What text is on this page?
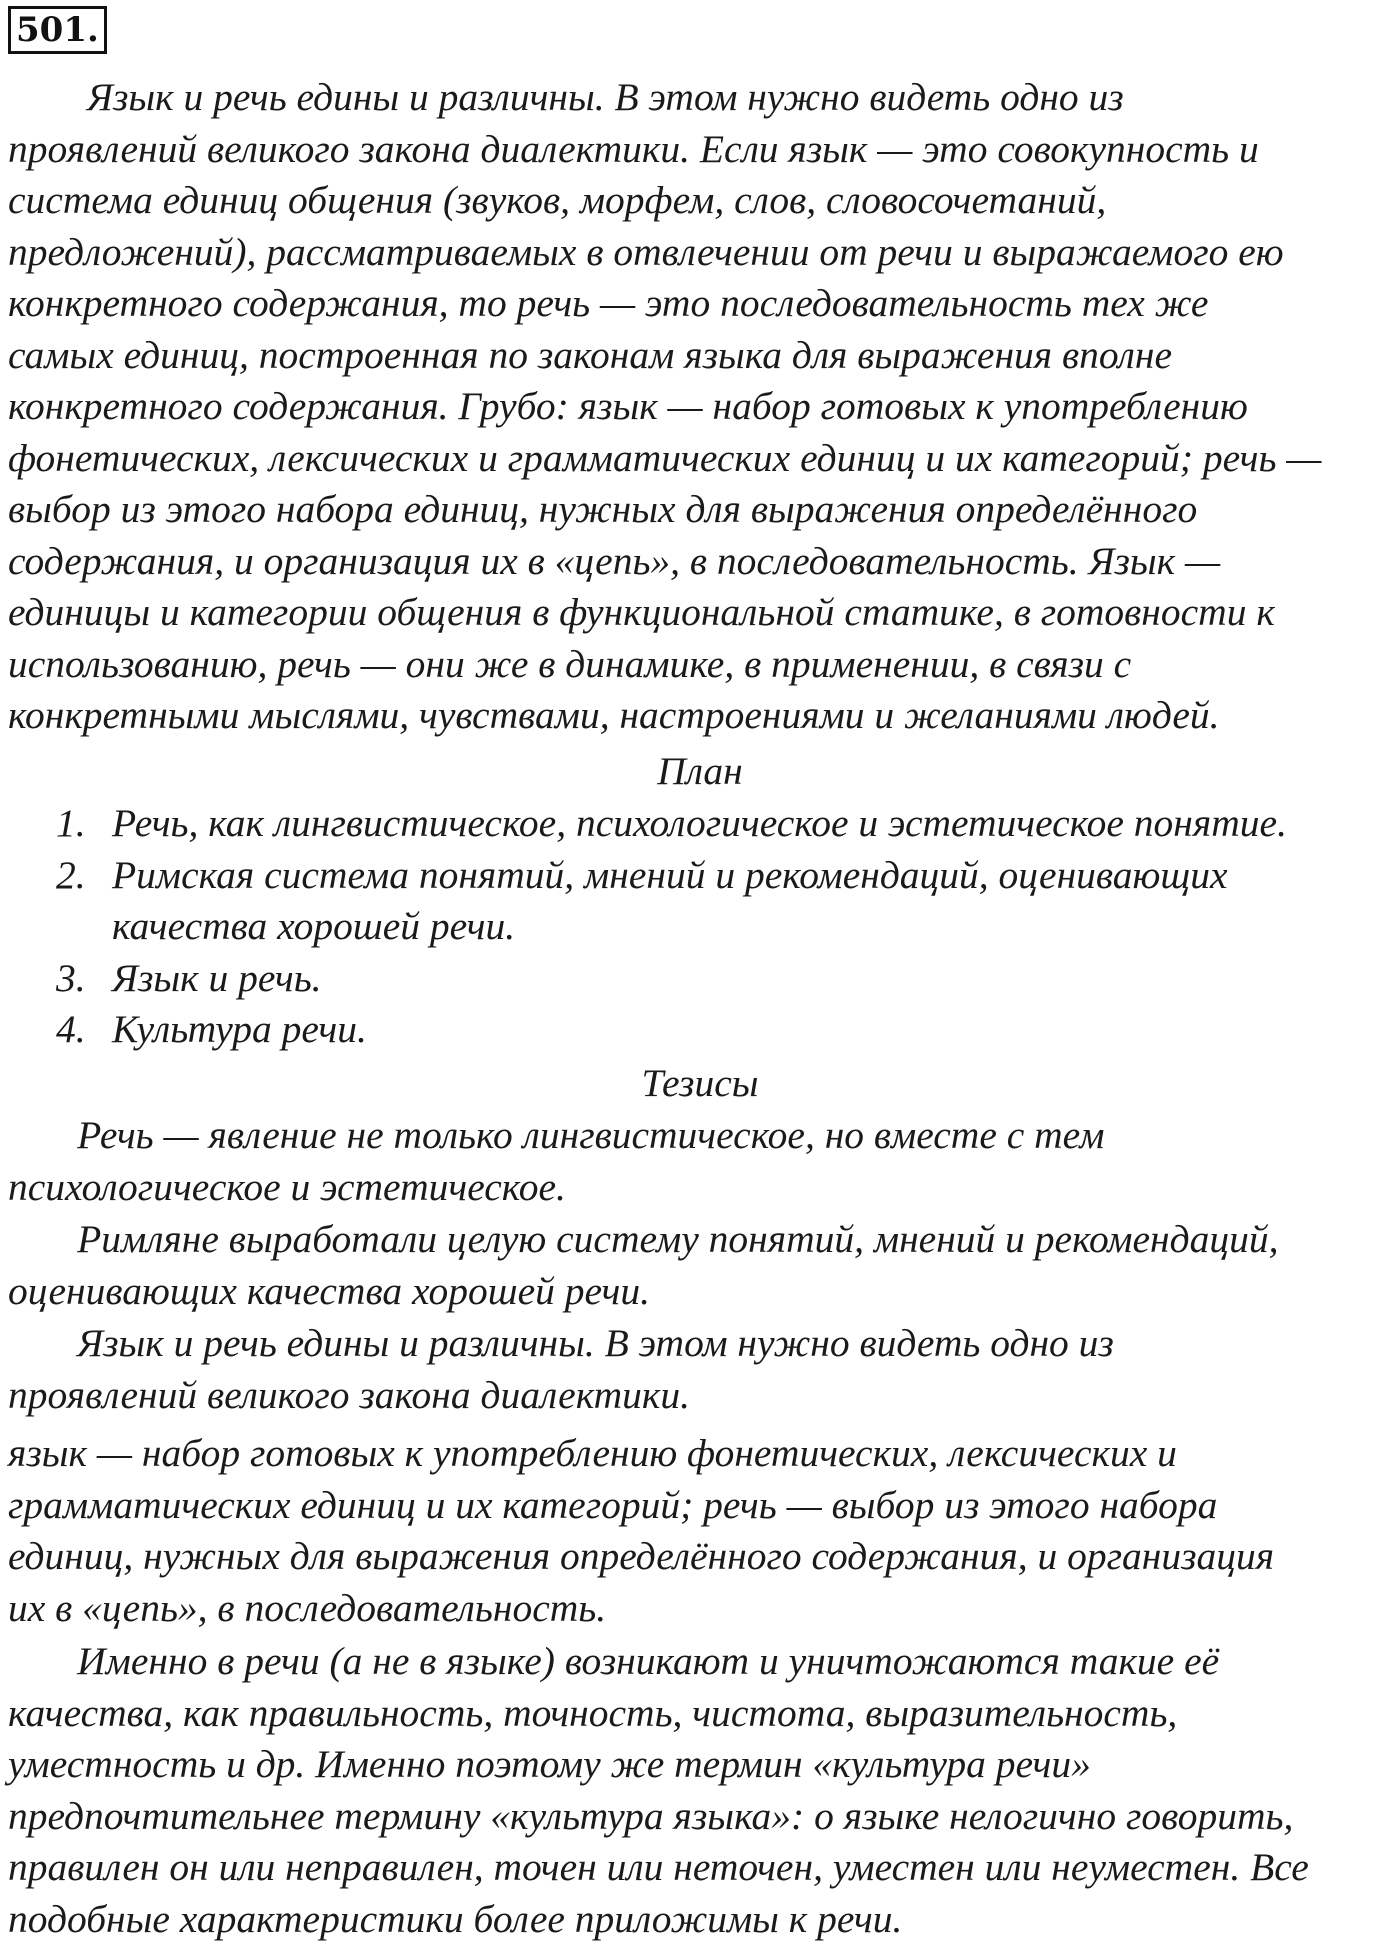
501.
Язык и речь едины и различны. В этом нужно видеть одно из
проявлений великого закона диалектики. Если язык — это совокупность и
система единиц общения (звуков, морфем, слов, словосочетаний,
предложений), рассматриваемых в отвлечении от речи и выражаемого ею
конкретного содержания, то речь — это последовательность тех же
самых единиц, построенная по законам языка для выражения вполне
конкретного содержания. Грубо: язык — набор готовых к употреблению
фонетических, лексических и грамматических единиц и их категорий; речь —
выбор из этого набора единиц, нужных для выражения определённого
содержания, и организация их в «цепь», в последовательность. Язык —
единицы и категории общения в функциональной статике, в готовности к
использованию, речь — они же в динамике, в применении, в связи с
конкретными мыслями, чувствами, настроениями и желаниями людей.
План
1. Речь, как лингвистическое, психологическое и эстетическое понятие.
2. Римская система понятий, мнений и рекомендаций, оценивающих
качества хорошей речи.
3. Язык и речь.
4. Культура речи.
Тезисы
Речь — явление не только лингвистическое, но вместе с тем
психологическое и эстетическое.
Римляне выработали целую систему понятий, мнений и рекомендаций,
оценивающих качества хорошей речи.
Язык и речь едины и различны. В этом нужно видеть одно из
проявлений великого закона диалектики.
язык — набор готовых к употреблению фонетических, лексических и
грамматических единиц и их категорий; речь — выбор из этого набора
единиц, нужных для выражения определённого содержания, и организация
их в «цепь», в последовательность.
Именно в речи (а не в языке) возникают и уничтожаются такие её
качества, как правильность, точность, чистота, выразительность,
уместность и др. Именно поэтому же термин «культура речи»
предпочтительнее термину «культура языка»: о языке нелогично говорить,
правилен он или неправилен, точен или неточен, уместен или неуместен. Все
подобные характеристики более приложимы к речи.
